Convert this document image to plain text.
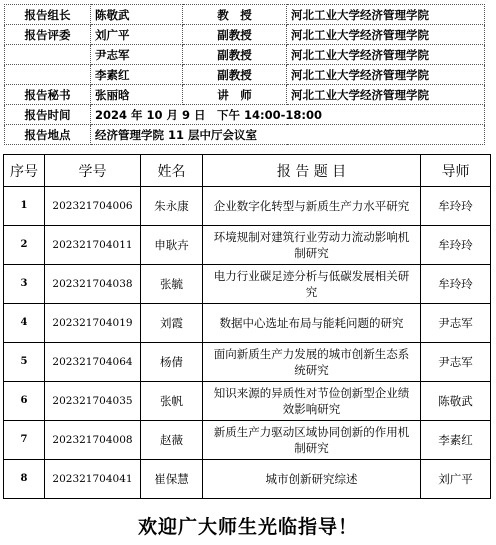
报告组长	陈敬武	教　授	河北工业大学经济管理学院
报告评委	刘广平	副教授	河北工业大学经济管理学院
	尹志军	副教授	河北工业大学经济管理学院
	李素红	副教授	河北工业大学经济管理学院
报告秘书	张丽晗	讲　师	河北工业大学经济管理学院
报告时间	2024 年 10 月 9 日　下午 14:00-18:00		
报告地点	经济管理学院 11 层中厅会议室		
序号	学号	姓名	报 告 题 目	导师
1	202321704006	朱永康	企业数字化转型与新质生产力水平研究	牟玲玲
2	202321704011	申耿卉	环境规制对建筑行业劳动力流动影响机制研究	牟玲玲
3	202321704038	张毓	电力行业碳足迹分析与低碳发展相关研究	牟玲玲
4	202321704019	刘霞	数据中心选址布局与能耗问题的研究	尹志军
5	202321704064	杨倩	面向新质生产力发展的城市创新生态系统研究	尹志军
6	202321704035	张帆	知识来源的异质性对节俭创新型企业绩效影响研究	陈敬武
7	202321704008	赵薇	新质生产力驱动区域协同创新的作用机制研究	李素红
8	202321704041	崔保慧	城市创新研究综述	刘广平
欢迎广大师生光临指导！
